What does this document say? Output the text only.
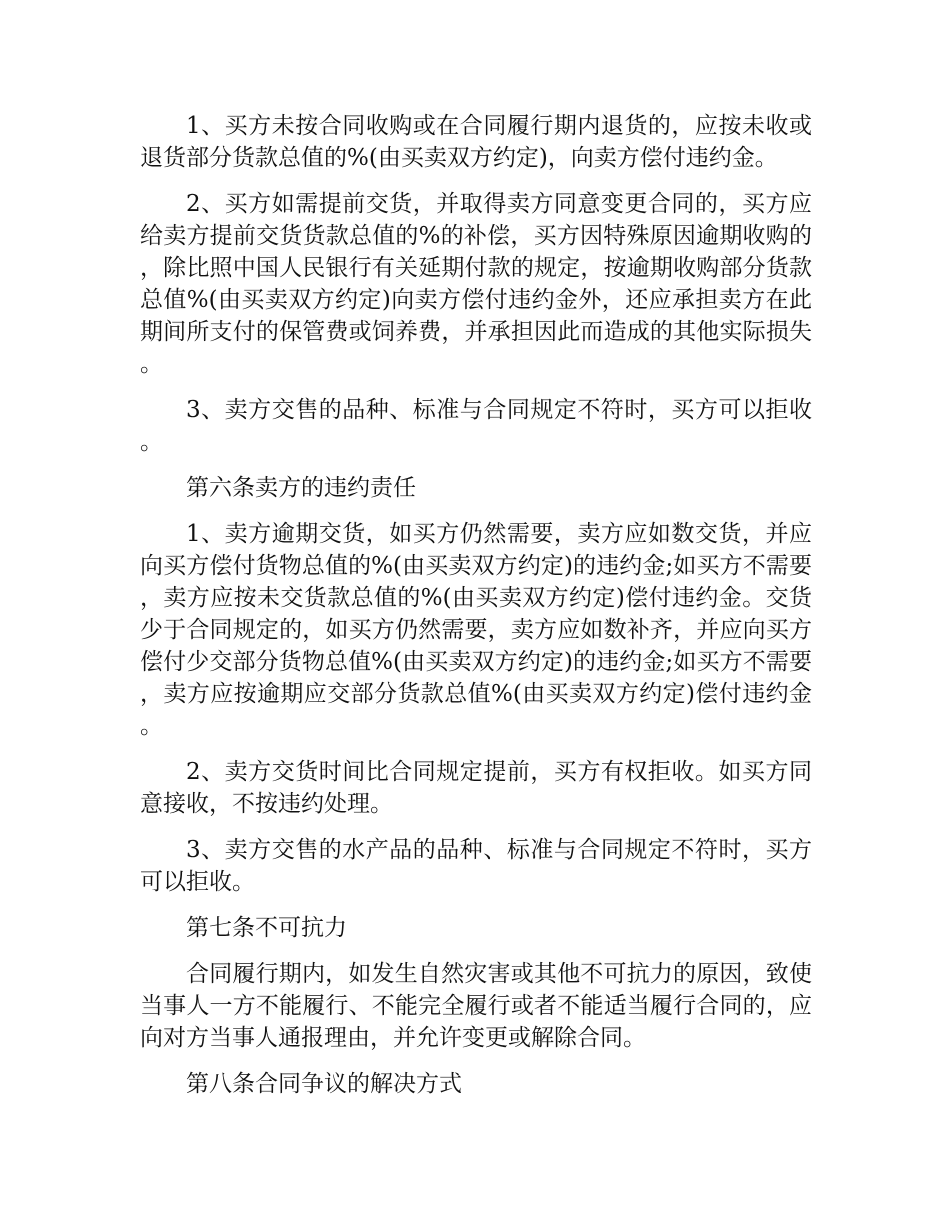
1、买方未按合同收购或在合同履行期内退货的，应按未收或退货部分货款总值的%(由买卖双方约定)，向卖方偿付违约金。

2、买方如需提前交货，并取得卖方同意变更合同的，买方应给卖方提前交货货款总值的%的补偿，买方因特殊原因逾期收购的，除比照中国人民银行有关延期付款的规定，按逾期收购部分货款总值%(由买卖双方约定)向卖方偿付违约金外，还应承担卖方在此期间所支付的保管费或饲养费，并承担因此而造成的其他实际损失。

3、卖方交售的品种、标准与合同规定不符时，买方可以拒收。

第六条卖方的违约责任

1、卖方逾期交货，如买方仍然需要，卖方应如数交货，并应向买方偿付货物总值的%(由买卖双方约定)的违约金;如买方不需要，卖方应按未交货款总值的%(由买卖双方约定)偿付违约金。交货少于合同规定的，如买方仍然需要，卖方应如数补齐，并应向买方偿付少交部分货物总值%(由买卖双方约定)的违约金;如买方不需要，卖方应按逾期应交部分货款总值%(由买卖双方约定)偿付违约金。

2、卖方交货时间比合同规定提前，买方有权拒收。如买方同意接收，不按违约处理。

3、卖方交售的水产品的品种、标准与合同规定不符时，买方可以拒收。

第七条不可抗力

合同履行期内，如发生自然灾害或其他不可抗力的原因，致使当事人一方不能履行、不能完全履行或者不能适当履行合同的，应向对方当事人通报理由，并允许变更或解除合同。

第八条合同争议的解决方式
